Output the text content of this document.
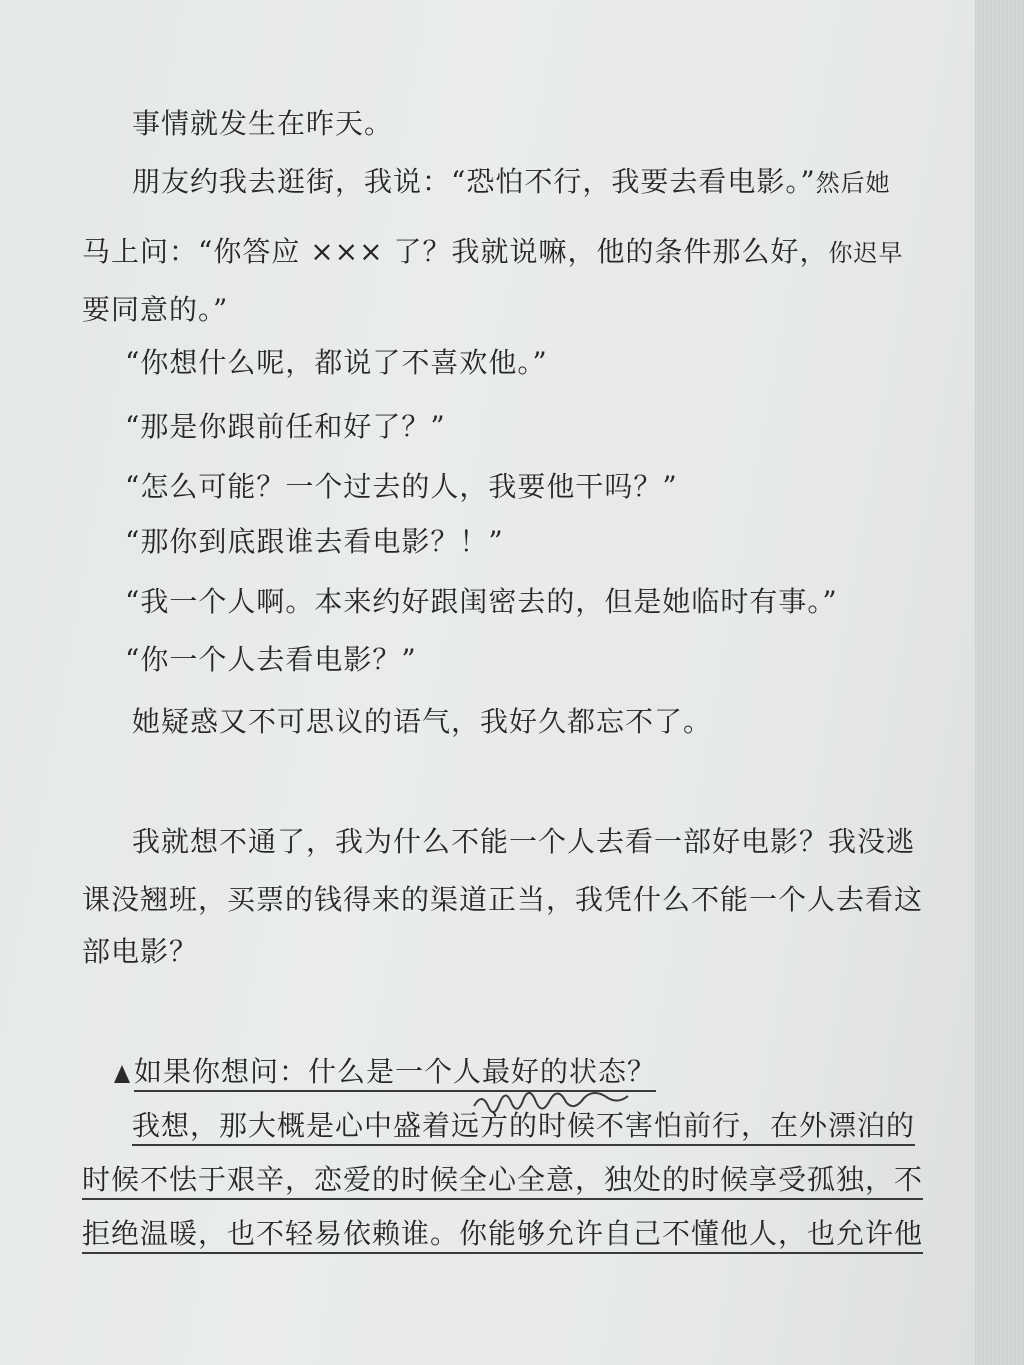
事情就发生在昨天。
朋友约我去逛街，我说：“恐怕不行，我要去看电影。”然后她
马上问：“你答应 ××× 了？我就说嘛，他的条件那么好，你迟早
要同意的。”
“你想什么呢，都说了不喜欢他。”
“那是你跟前任和好了？”
“怎么可能？一个过去的人，我要他干吗？”
“那你到底跟谁去看电影？！”
“我一个人啊。本来约好跟闺密去的，但是她临时有事。”
“你一个人去看电影？”
她疑惑又不可思议的语气，我好久都忘不了。
我就想不通了，我为什么不能一个人去看一部好电影？我没逃
课没翘班，买票的钱得来的渠道正当，我凭什么不能一个人去看这
部电影？
如果你想问：什么是一个人最好的状态？
我想，那大概是心中盛着远方的时候不害怕前行，在外漂泊的
时候不怯于艰辛，恋爱的时候全心全意，独处的时候享受孤独，不
拒绝温暖，也不轻易依赖谁。你能够允许自己不懂他人，也允许他
